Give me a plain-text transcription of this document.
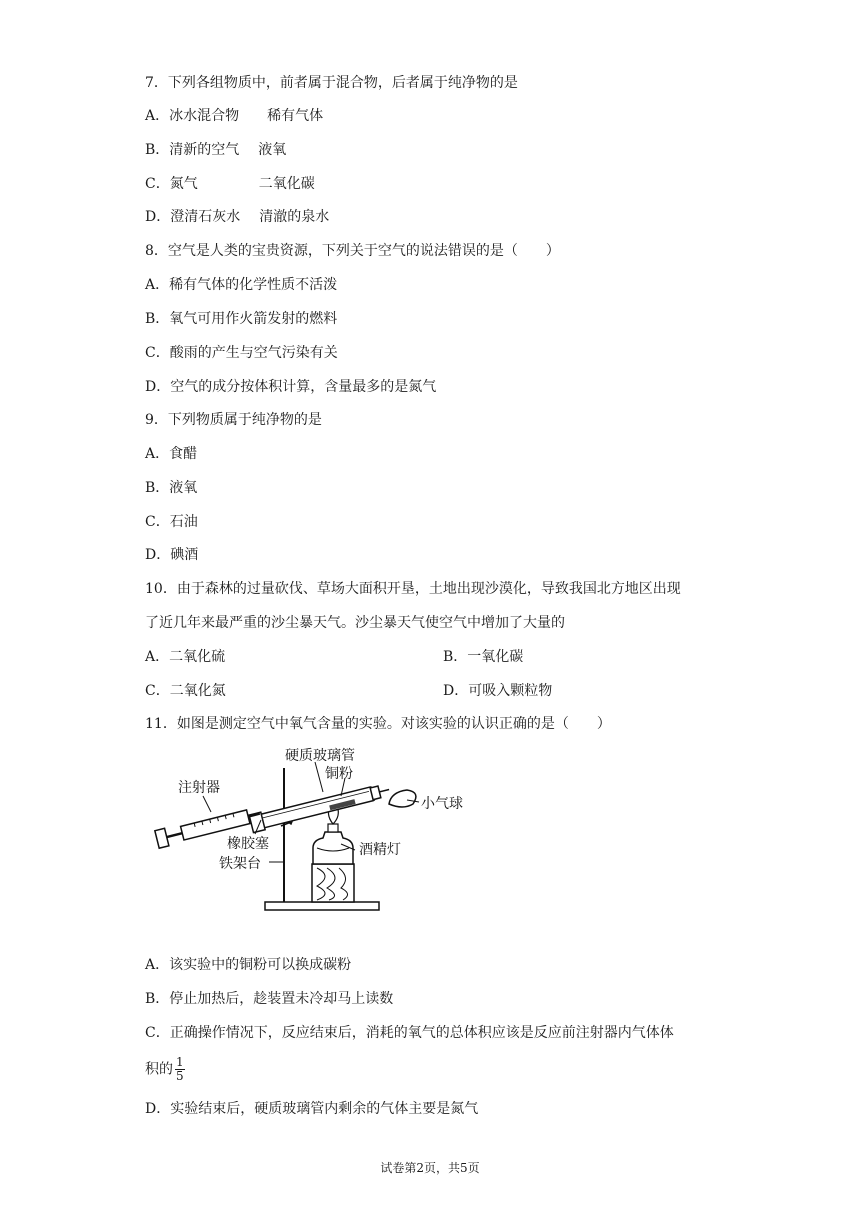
7．下列各组物质中，前者属于混合物，后者属于纯净物的是
A．冰水混合物 稀有气体
B．清新的空气 液氧
C．氮气	二氧化碳
D．澄清石灰水 清澈的泉水
8．空气是人类的宝贵资源，下列关于空气的说法错误的是（　　）
A．稀有气体的化学性质不活泼
B．氧气可用作火箭发射的燃料
C．酸雨的产生与空气污染有关
D．空气的成分按体积计算，含量最多的是氮气
9．下列物质属于纯净物的是
A．食醋
B．液氧
C．石油
D．碘酒
10．由于森林的过量砍伐、草场大面积开垦，土地出现沙漠化，导致我国北方地区出现
了近几年来最严重的沙尘暴天气。沙尘暴天气使空气中增加了大量的
A．二氧化硫	B．一氧化碳
C．二氧化氮	D．可吸入颗粒物
11．如图是测定空气中氧气含量的实验。对该实验的认识正确的是（　　）
硬质玻璃管
铜粉
注射器
小气球
橡胶塞	酒精灯
铁架台
A．该实验中的铜粉可以换成碳粉
B．停止加热后，趁装置未冷却马上读数
C．正确操作情况下，反应结束后，消耗的氧气的总体积应该是反应前注射器内气体体
积的 $\frac{1}{5}$
D．实验结束后，硬质玻璃管内剩余的气体主要是氮气
试卷第2页，共5页
